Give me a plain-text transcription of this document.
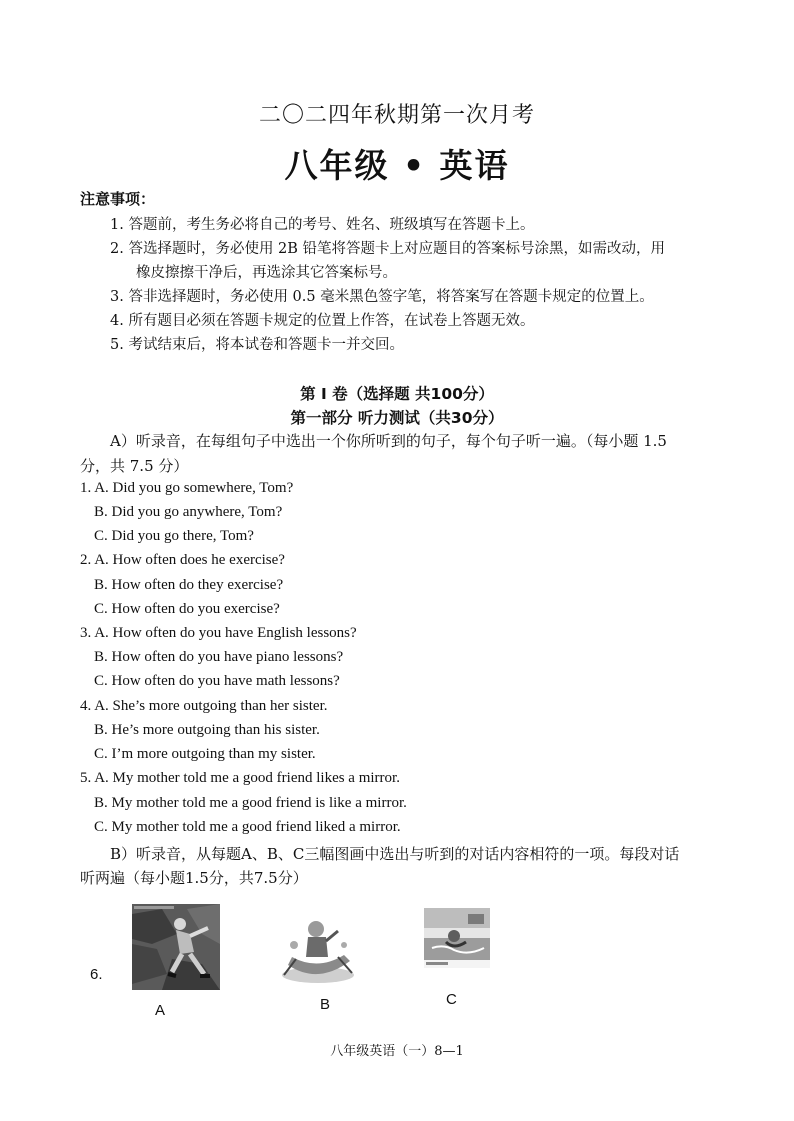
二〇二四年秋期第一次月考
八年级 • 英语
注意事项：
1. 答题前，考生务必将自己的考号、姓名、班级填写在答题卡上。
2. 答选择题时，务必使用 2B 铅笔将答题卡上对应题目的答案标号涂黑，如需改动，用
橡皮擦擦干净后，再选涂其它答案标号。
3. 答非选择题时，务必使用 0.5 毫米黑色签字笔，将答案写在答题卡规定的位置上。
4. 所有题目必须在答题卡规定的位置上作答，在试卷上答题无效。
5. 考试结束后，将本试卷和答题卡一并交回。
第 Ⅰ 卷（选择题 共100分）
第一部分 听力测试（共30分）
A）听录音，在每组句子中选出一个你所听到的句子，每个句子听一遍。（每小题 1.5
分，共 7.5 分）
1. A. Did you go somewhere, Tom?
B. Did you go anywhere, Tom?
C. Did you go there, Tom?
2. A. How often does he exercise?
B. How often do they exercise?
C. How often do you exercise?
3. A. How often do you have English lessons?
B. How often do you have piano lessons?
C. How often do you have math lessons?
4. A. She’s more outgoing than her sister.
B. He’s more outgoing than his sister.
C. I’m more outgoing than my sister.
5. A. My mother told me a good friend likes a mirror.
B. My mother told me a good friend is like a mirror.
C. My mother told me a good friend liked a mirror.
B）听录音，从每题A、B、C三幅图画中选出与听到的对话内容相符的一项。每段对话
听两遍（每小题1.5分，共7.5分）
6.
A	B	C
八年级英语（一）8—1
